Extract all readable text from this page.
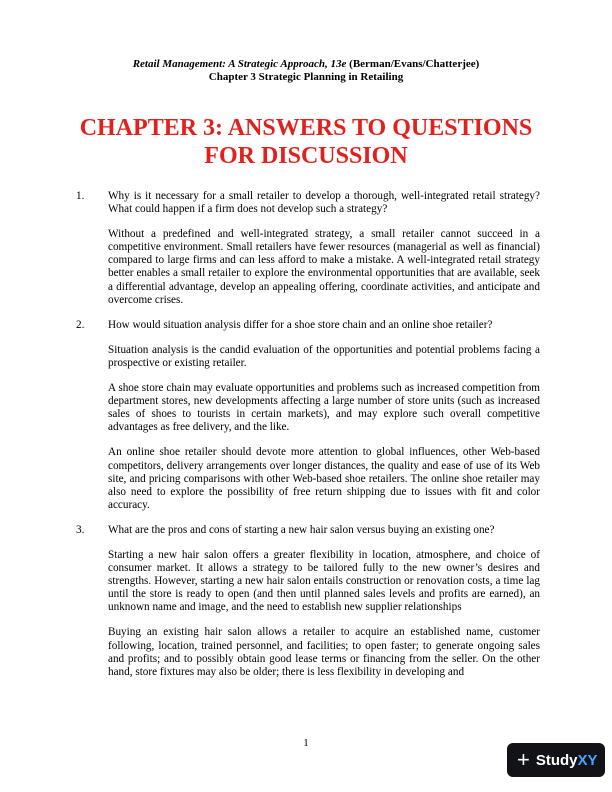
Retail Management: A Strategic Approach, 13e (Berman/Evans/Chatterjee)
Chapter 3 Strategic Planning in Retailing
CHAPTER 3: ANSWERS TO QUESTIONS FOR DISCUSSION
1. Why is it necessary for a small retailer to develop a thorough, well-integrated retail strategy? What could happen if a firm does not develop such a strategy?

Without a predefined and well-integrated strategy, a small retailer cannot succeed in a competitive environment. Small retailers have fewer resources (managerial as well as financial) compared to large firms and can less afford to make a mistake. A well-integrated retail strategy better enables a small retailer to explore the environmental opportunities that are available, seek a differential advantage, develop an appealing offering, coordinate activities, and anticipate and overcome crises.

2. How would situation analysis differ for a shoe store chain and an online shoe retailer?

Situation analysis is the candid evaluation of the opportunities and potential problems facing a prospective or existing retailer.

A shoe store chain may evaluate opportunities and problems such as increased competition from department stores, new developments affecting a large number of store units (such as increased sales of shoes to tourists in certain markets), and may explore such overall competitive advantages as free delivery, and the like.

An online shoe retailer should devote more attention to global influences, other Web-based competitors, delivery arrangements over longer distances, the quality and ease of use of its Web site, and pricing comparisons with other Web-based shoe retailers. The online shoe retailer may also need to explore the possibility of free return shipping due to issues with fit and color accuracy.

3. What are the pros and cons of starting a new hair salon versus buying an existing one?

Starting a new hair salon offers a greater flexibility in location, atmosphere, and choice of consumer market. It allows a strategy to be tailored fully to the new owner’s desires and strengths. However, starting a new hair salon entails construction or renovation costs, a time lag until the store is ready to open (and then until planned sales levels and profits are earned), an unknown name and image, and the need to establish new supplier relationships

Buying an existing hair salon allows a retailer to acquire an established name, customer following, location, trained personnel, and facilities; to open faster; to generate ongoing sales and profits; and to possibly obtain good lease terms or financing from the seller. On the other hand, store fixtures may also be older; there is less flexibility in developing and

1
+ Study XY
